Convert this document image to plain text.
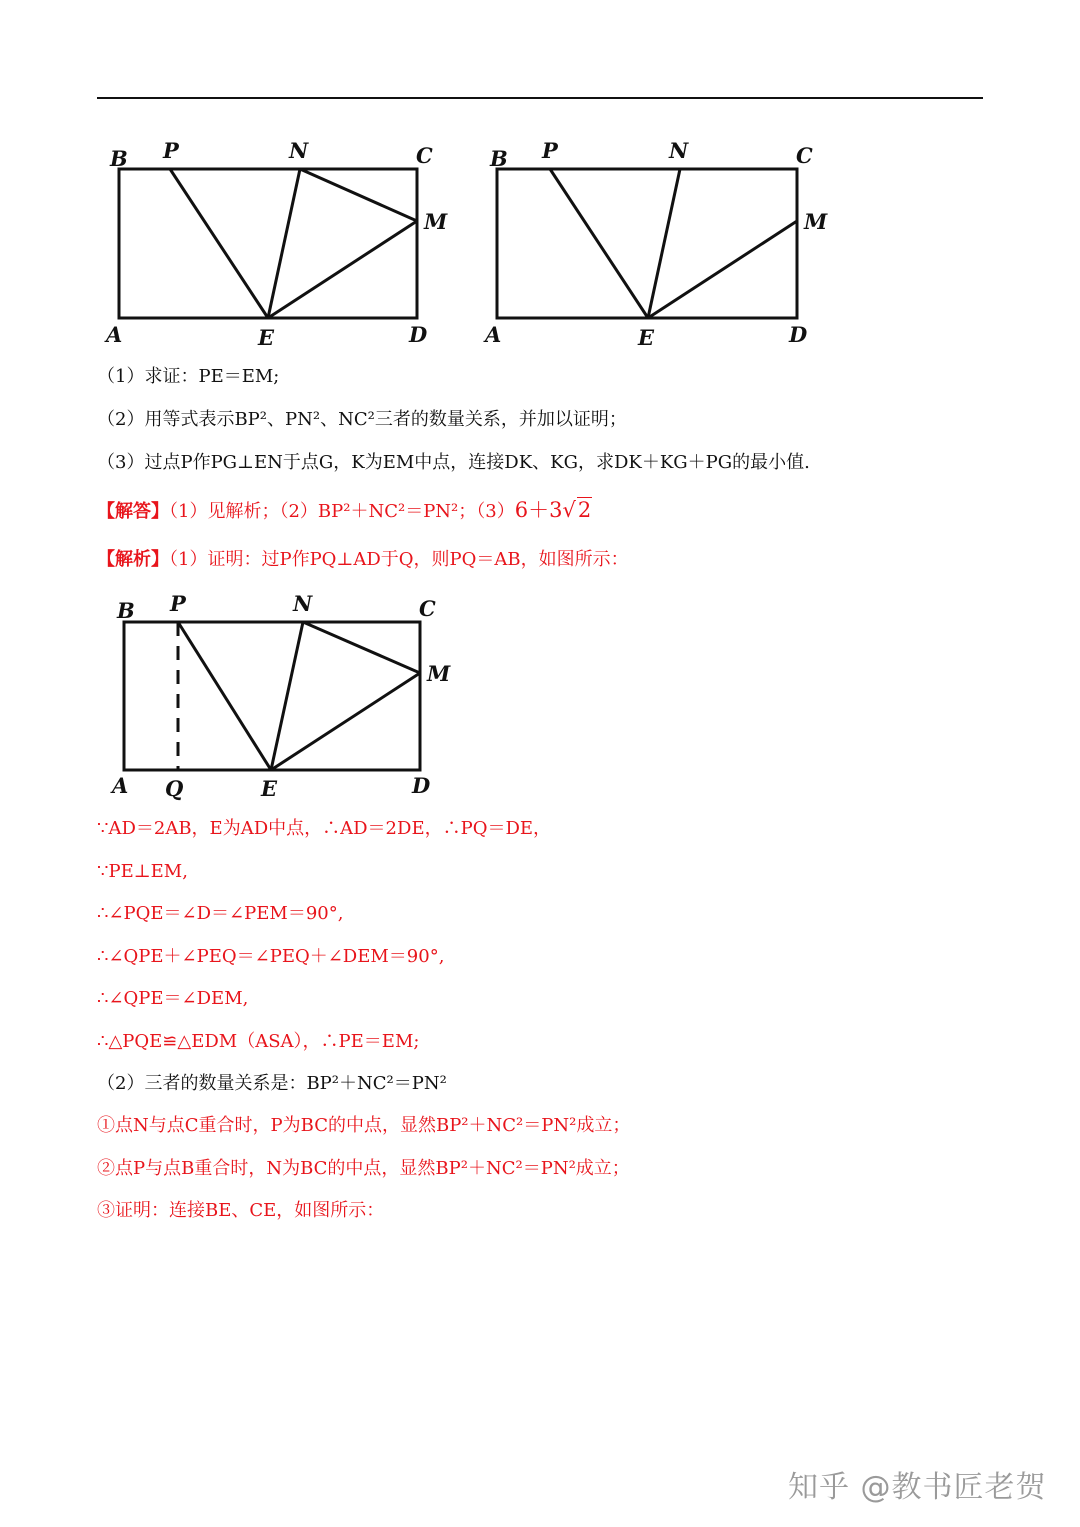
B P	N	C
M
A	E	D
B P	N	C
M
A	E	D
（1）求证：PE＝EM;
（2）用等式表示BP²、PN²、NC²三者的数量关系，并加以证明；
（3）过点P作PG⊥EN于点G，K为EM中点，连接DK、KG，求DK＋KG＋PG的最小值.
【解答】（1）见解析；（2）BP²＋NC²＝PN²；（3）6＋3√2
【解析】（1）证明：过P作PQ⊥AD于Q，则PQ＝AB，如图所示：
B P	N	C
M
A Q	E	D
∵AD＝2AB，E为AD中点，∴AD＝2DE，∴PQ＝DE，
∵PE⊥EM,
∴∠PQE＝∠D＝∠PEM＝90°,
∴∠QPE＋∠PEQ＝∠PEQ＋∠DEM＝90°,
∴∠QPE＝∠DEM,
∴△PQE≌△EDM（ASA），∴PE＝EM;
（2）三者的数量关系是：BP²＋NC²＝PN²
①点N与点C重合时，P为BC的中点，显然BP²＋NC²＝PN²成立；
②点P与点B重合时，N为BC的中点，显然BP²＋NC²＝PN²成立；
③证明：连接BE、CE，如图所示：
知乎 @教书匠老贺
